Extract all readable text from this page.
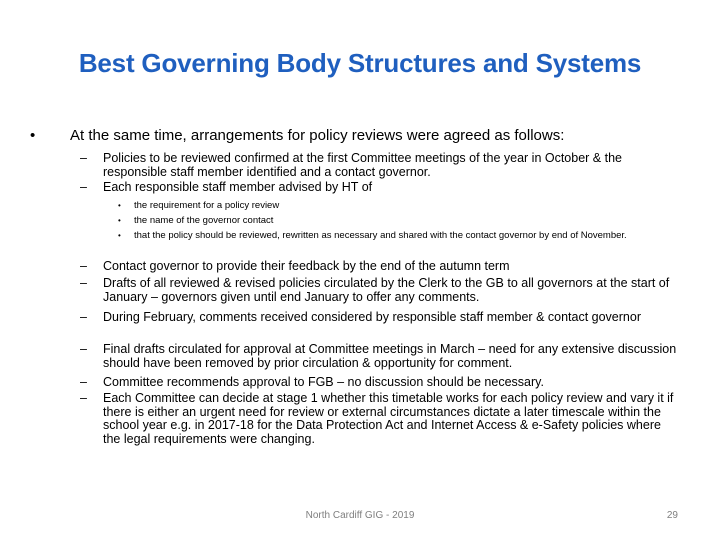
Best Governing Body Structures and Systems
• At the same time, arrangements for policy reviews were agreed as follows:
– Policies to be reviewed confirmed at the first Committee meetings of the year in October & the responsible staff member identified and a contact governor.
– Each responsible staff member advised by HT of
• the requirement for a policy review
• the name of the governor contact
• that the policy should be reviewed, rewritten as necessary and shared with the contact governor by end of November.
– Contact governor to provide their feedback by the end of the autumn term
– Drafts of all reviewed & revised policies circulated by the Clerk to the GB to all governors at the start of January – governors given until end January to offer any comments.
– During February, comments received considered by responsible staff member & contact governor
– Final drafts circulated for approval at Committee meetings in March – need for any extensive discussion should have been removed by prior circulation & opportunity for comment.
– Committee recommends approval to FGB – no discussion should be necessary.
– Each Committee can decide at stage 1 whether this timetable works for each policy review and vary it if there is either an urgent need for review or external circumstances dictate a later timescale within the school year e.g. in 2017-18 for the Data Protection Act and Internet Access & e-Safety policies where the legal requirements were changing.
North Cardiff GIG - 2019	29
